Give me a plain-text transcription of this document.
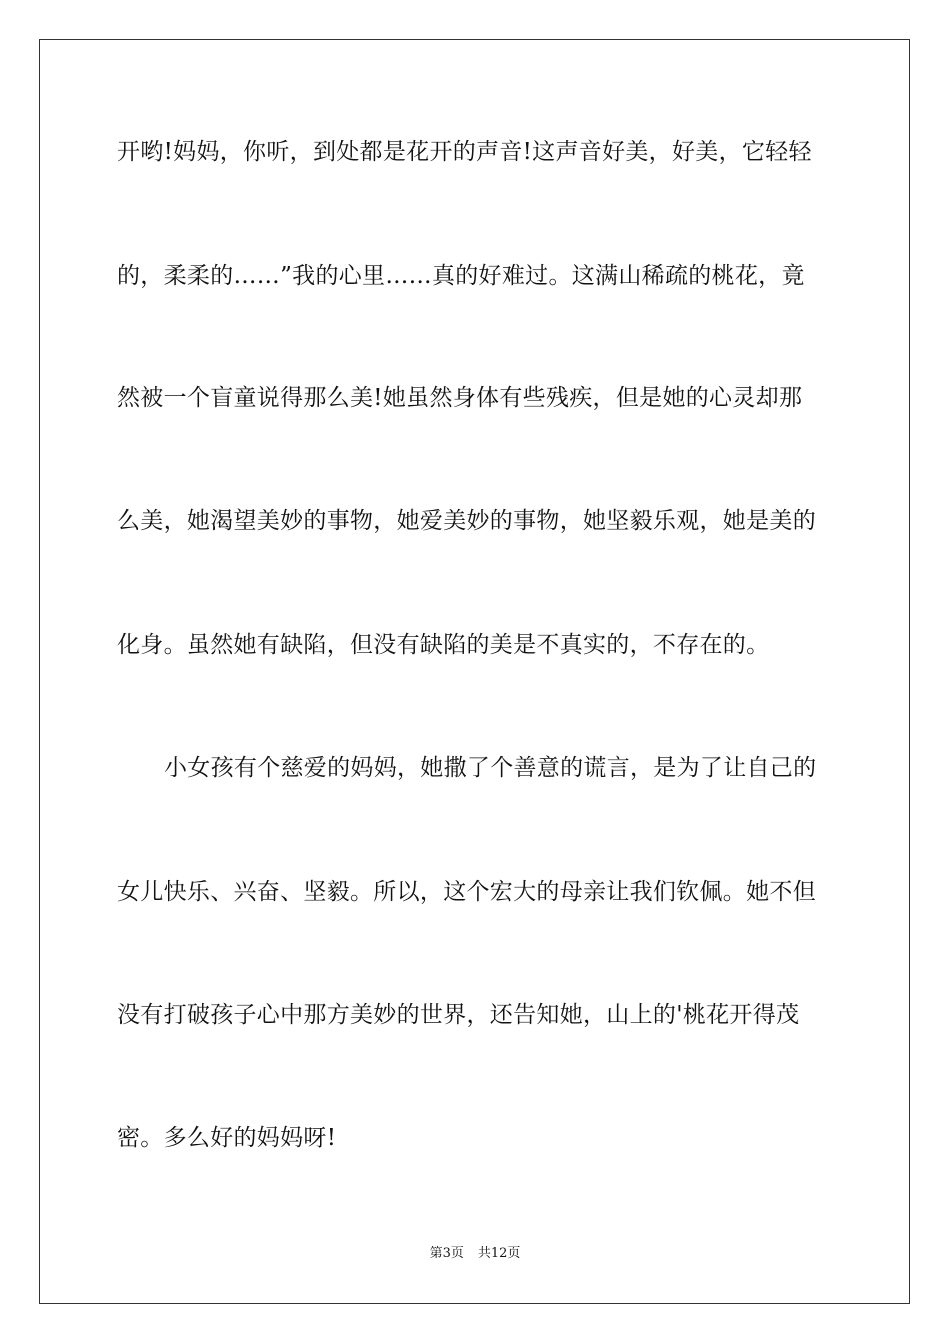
开哟!妈妈，你听，到处都是花开的声音!这声音好美，好美，它轻轻
的，柔柔的……”我的心里……真的好难过。这满山稀疏的桃花，竟
然被一个盲童说得那么美!她虽然身体有些残疾，但是她的心灵却那
么美，她渴望美妙的事物，她爱美妙的事物，她坚毅乐观，她是美的
化身。虽然她有缺陷，但没有缺陷的美是不真实的，不存在的。
小女孩有个慈爱的妈妈，她撒了个善意的谎言，是为了让自己的
女儿快乐、兴奋、坚毅。所以，这个宏大的母亲让我们钦佩。她不但
没有打破孩子心中那方美妙的世界，还告知她，山上的'桃花开得茂
密。多么好的妈妈呀!
第3页 共12页
